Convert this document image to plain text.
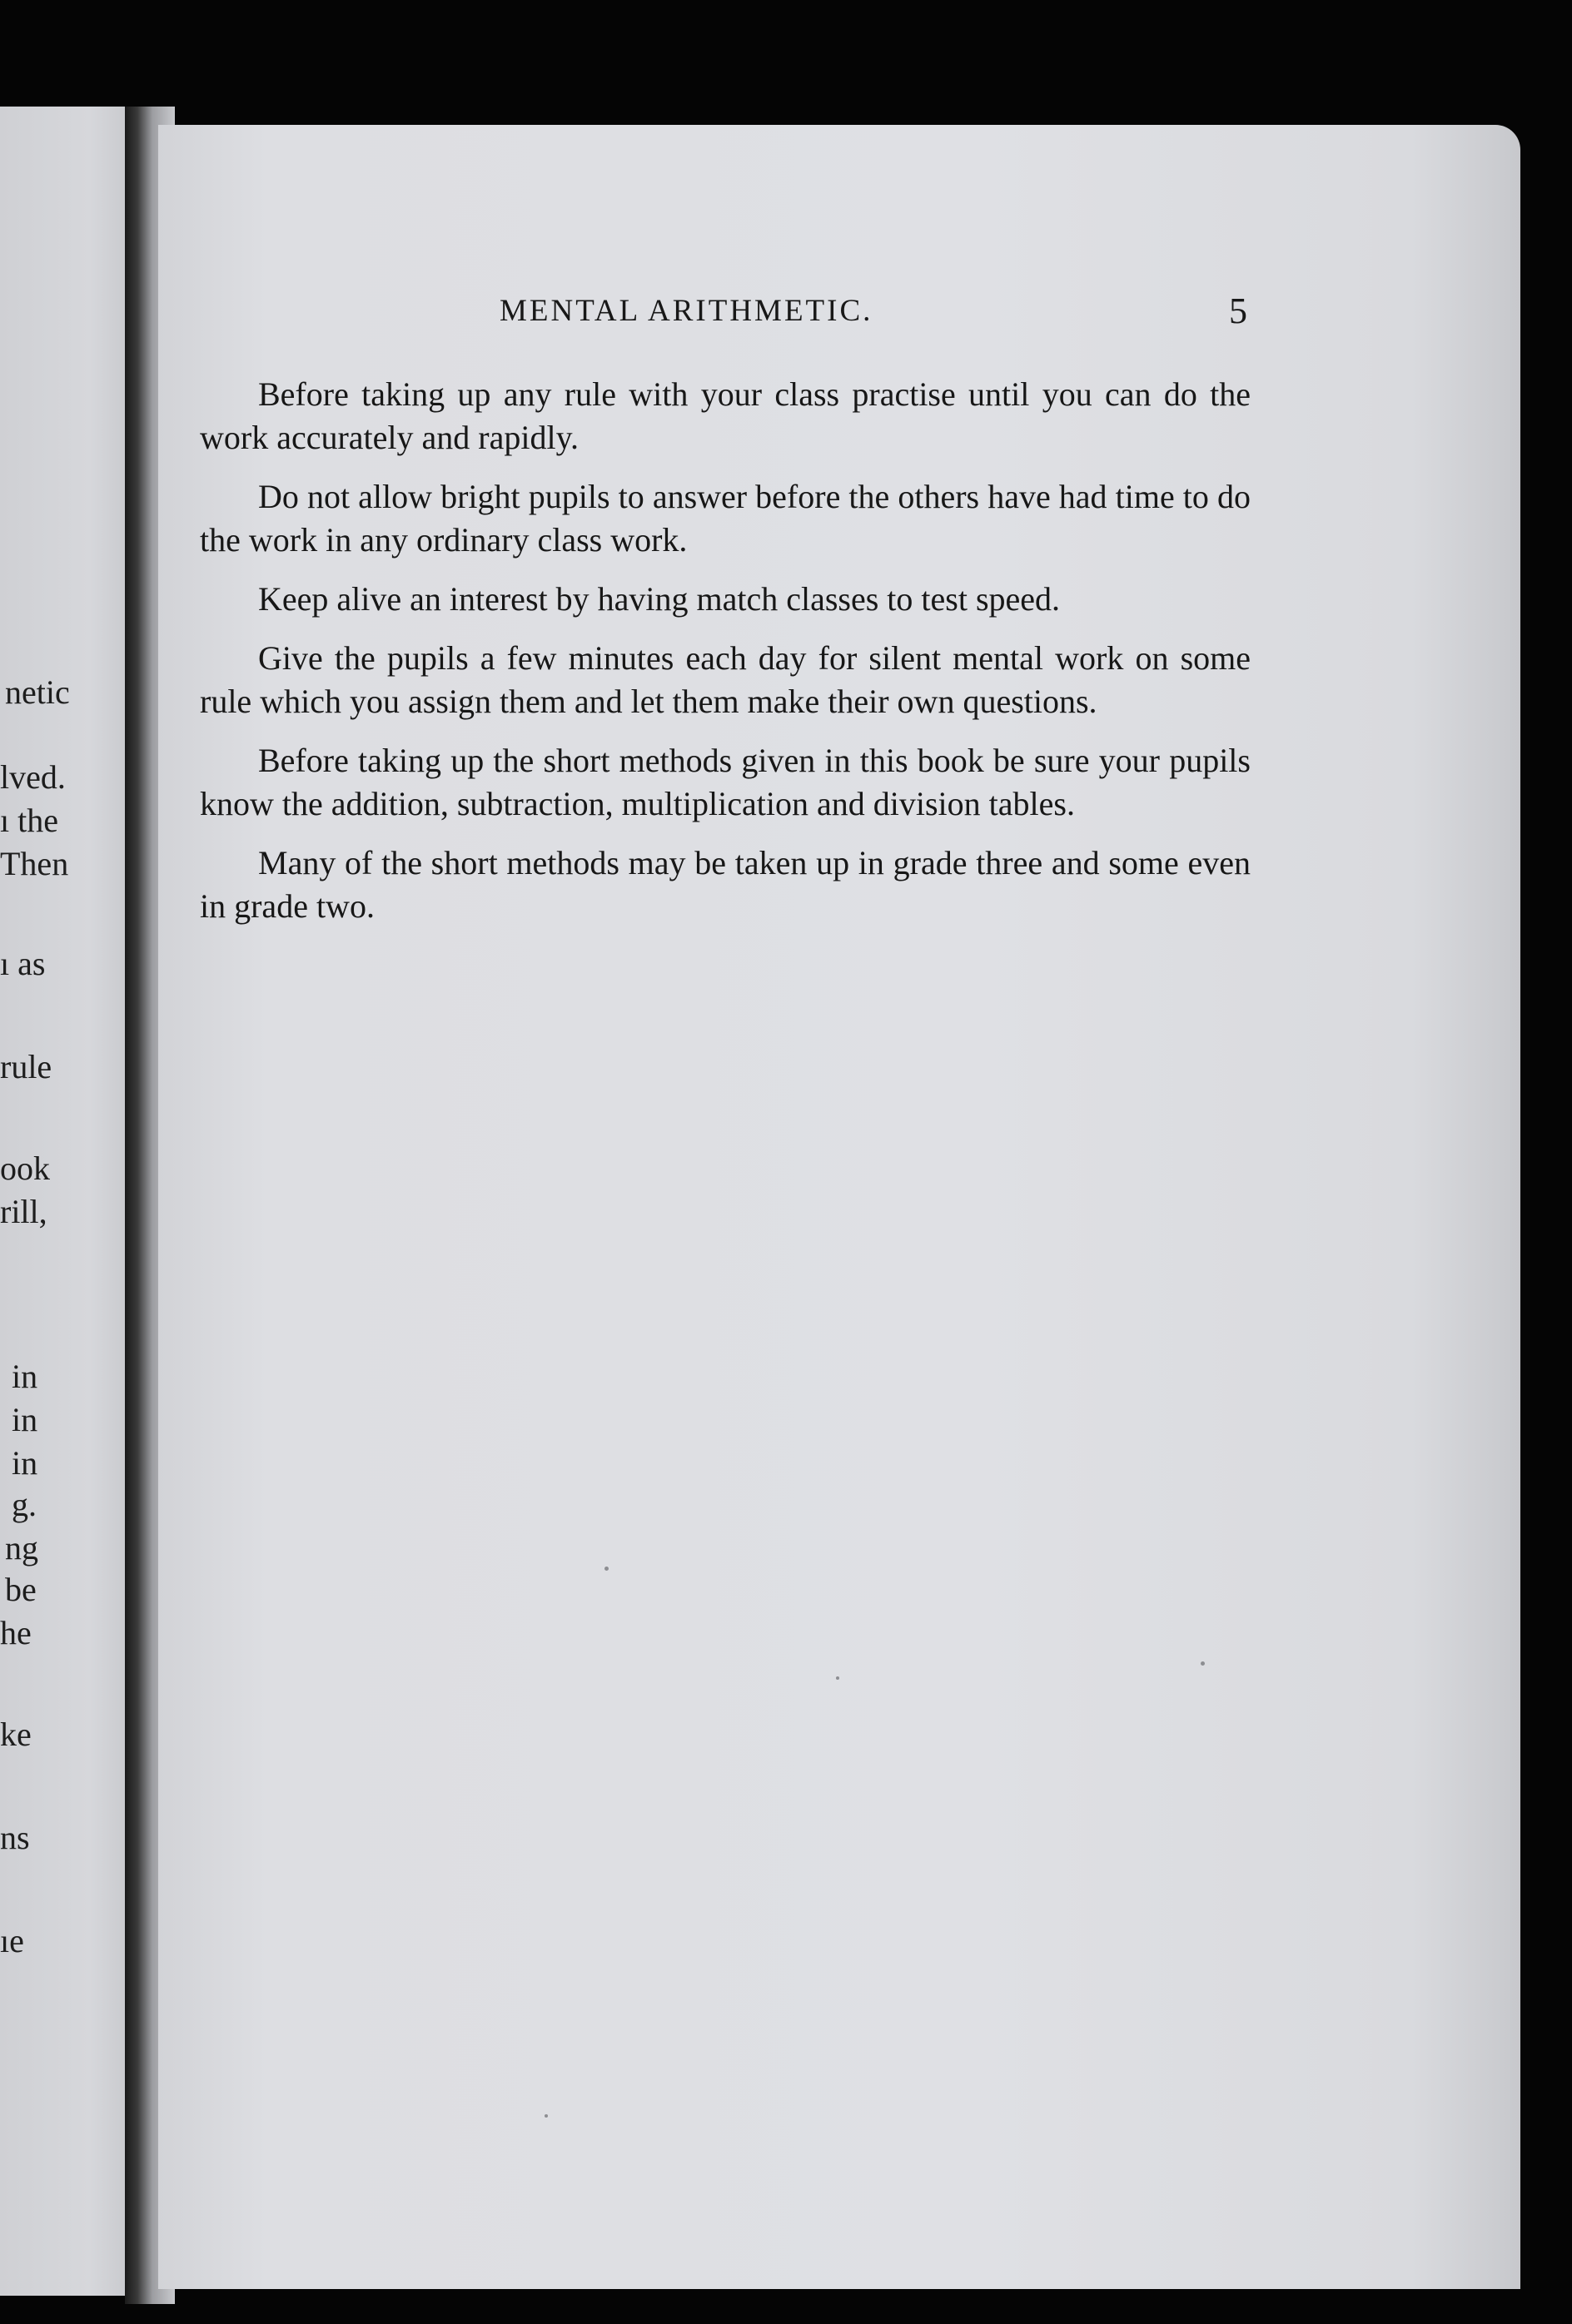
netic
lved.
ı the
Then
ı as
rule
ook
rill,
in
in
in
g.
ng
be
he
ke
ns
ıe
MENTAL ARITHMETIC.	5

Before taking up any rule with your class practise until you can do the work accurately and rapidly.

Do not allow bright pupils to answer before the others have had time to do the work in any ordinary class work.

Keep alive an interest by having match classes to test speed.

Give the pupils a few minutes each day for silent mental work on some rule which you assign them and let them make their own questions.

Before taking up the short methods given in this book be sure your pupils know the addition, subtraction, multiplication and division tables.

Many of the short methods may be taken up in grade three and some even in grade two.
